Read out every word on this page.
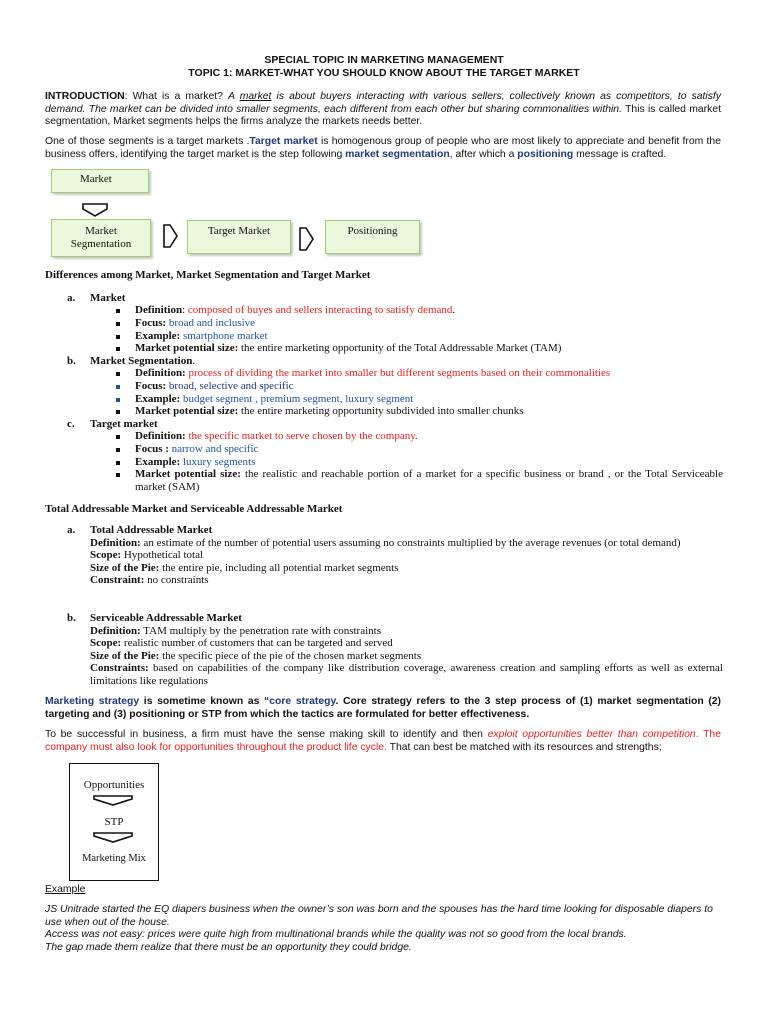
SPECIAL TOPIC IN MARKETING MANAGEMENT
TOPIC 1: MARKET-WHAT YOU SHOULD KNOW ABOUT THE TARGET MARKET
INTRODUCTION: What is a market? A market is about buyers interacting with various sellers, collectively known as competitors, to satisfy demand. The market can be divided into smaller segments, each different from each other but sharing commonalities within. This is called market segmentation, Market segments helps the firms analyze the markets needs better.
One of those segments is a target markets .Target market is homogenous group of people who are most likely to appreciate and benefit from the business offers, identifying the target market is the step following market segmentation, after which a positioning message is crafted.
Market
Market
Segmentation
Target Market	Positioning
Differences among Market, Market Segmentation and Target Market
a. Market
Definition: composed of buyes and sellers interacting to satisfy demand.
Focus: broad and inclusive
Example: smartphone market
Market potential size: the entire marketing opportunity of the Total Addressable Market (TAM)
b. Market Segmentation.
Definition: process of dividing the market into smaller but different segments based on their commonalities
Focus: broad, selective and specific
Example: budget segment , premium segment, luxury segment
Market potential size: the entire marketing opportunity subdivided into smaller chunks
c. Target market
Definition: the specific market to serve chosen by the company.
Focus : narrow and specific
Example: luxury segments
Market potential size: the realistic and reachable portion of a market for a specific business or brand , or the Total Serviceable market (SAM)
Total Addressable Market and Serviceable Addressable Market
a. Total Addressable Market
Definition: an estimate of the number of potential users assuming no constraints multiplied by the average revenues (or total demand)
Scope: Hypothetical total
Size of the Pie: the entire pie, including all potential market segments
Constraint: no constraints
b. Serviceable Addressable Market
Definition: TAM multiply by the penetration rate with constraints
Scope: realistic number of customers that can be targeted and served
Size of the Pie: the specific piece of the pie of the chosen market segments
Constraints: based on capabilities of the company like distribution coverage, awareness creation and sampling efforts as well as external limitations like regulations
Marketing strategy is sometime known as “core strategy. Core strategy refers to the 3 step process of (1) market segmentation (2) targeting and (3) positioning or STP from which the tactics are formulated for better effectiveness.
To be successful in business, a firm must have the sense making skill to identify and then exploit opportunities better than competition. The company must also look for opportunities throughout the product life cycle. That can best be matched with its resources and strengths;
Opportunities
STP
Marketing Mix
Example
JS Unitrade started the EQ diapers business when the owner’s son was born and the spouses has the hard time looking for disposable diapers to use when out of the house.
Access was not easy: prices were quite high from multinational brands while the quality was not so good from the local brands.
The gap made them realize that there must be an opportunity they could bridge.
